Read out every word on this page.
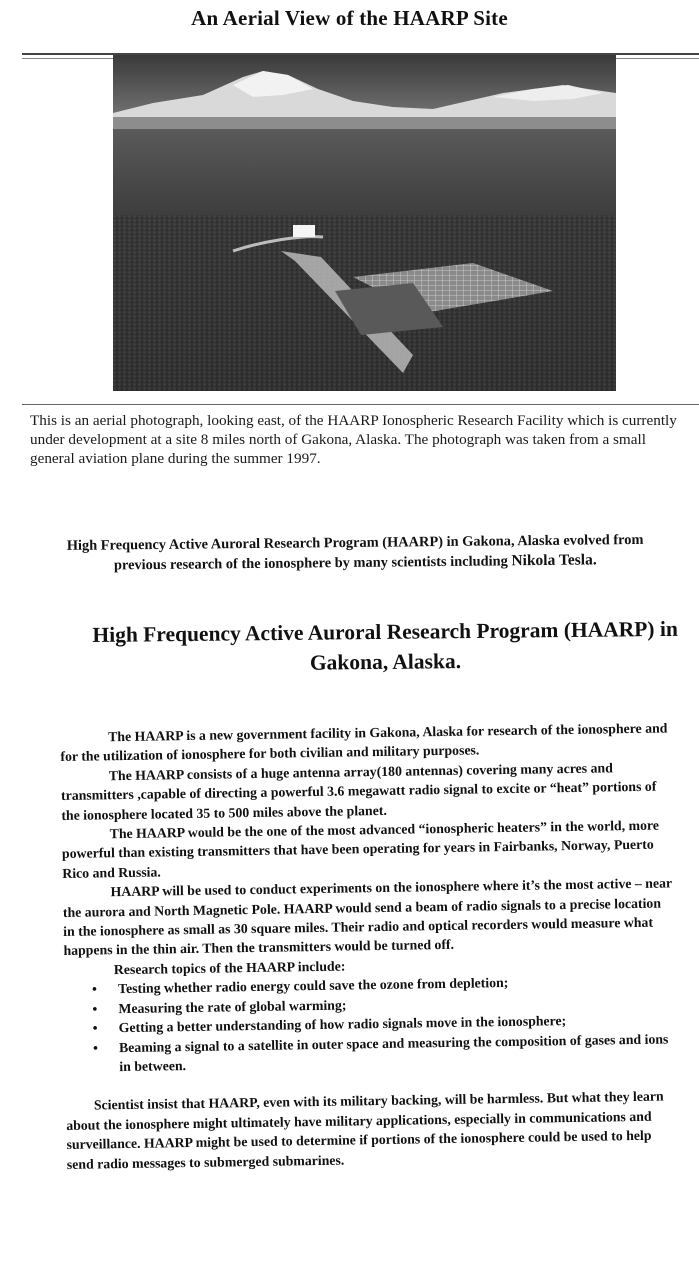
An Aerial View of the HAARP Site
This is an aerial photograph, looking east, of the HAARP Ionospheric Research Facility which is currently under development at a site 8 miles north of Gakona, Alaska. The photograph was taken from a small general aviation plane during the summer 1997.
High Frequency Active Auroral Research Program (HAARP) in Gakona, Alaska evolved from previous research of the ionosphere by many scientists including Nikola Tesla.
High Frequency Active Auroral Research Program (HAARP) in Gakona, Alaska.

The HAARP is a new government facility in Gakona, Alaska for research of the ionosphere and for the utilization of ionosphere for both civilian and military purposes.

The HAARP consists of a huge antenna array(180 antennas) covering many acres and transmitters ,capable of directing a powerful 3.6 megawatt radio signal to excite or “heat” portions of the ionosphere located 35 to 500 miles above the planet.

The HAARP would be the one of the most advanced “ionospheric heaters” in the world, more powerful than existing transmitters that have been operating for years in Fairbanks, Norway, Puerto Rico and Russia.

HAARP will be used to conduct experiments on the ionosphere where it’s the most active – near the aurora and North Magnetic Pole. HAARP would send a beam of radio signals to a precise location in the ionosphere as small as 30 square miles. Their radio and optical recorders would measure what happens in the thin air. Then the transmitters would be turned off.

Research topics of the HAARP include:

• Testing whether radio energy could save the ozone from depletion;
• Measuring the rate of global warming;
• Getting a better understanding of how radio signals move in the ionosphere;
• Beaming a signal to a satellite in outer space and measuring the composition of gases and ions in between.

Scientist insist that HAARP, even with its military backing, will be harmless. But what they learn about the ionosphere might ultimately have military applications, especially in communications and surveillance. HAARP might be used to determine if portions of the ionosphere could be used to help send radio messages to submerged submarines.
